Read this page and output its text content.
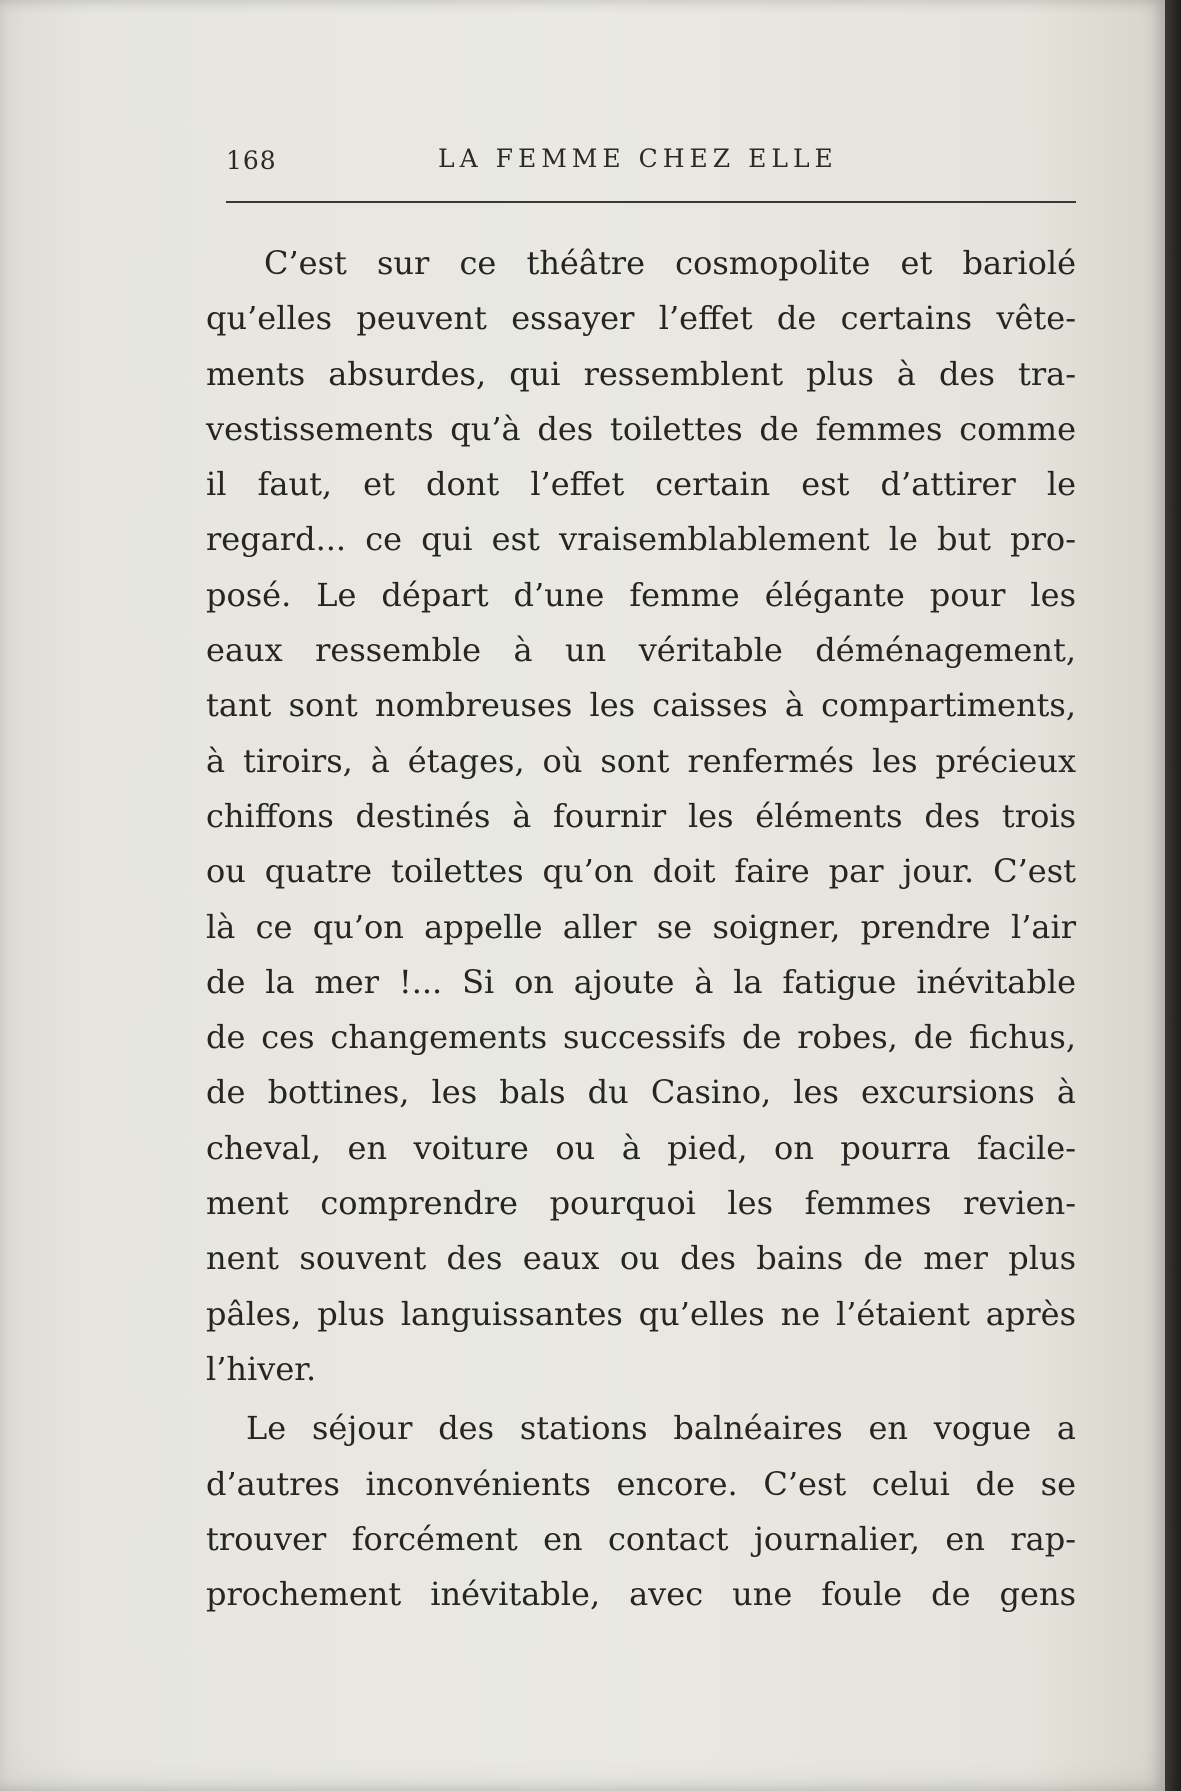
168	LA FEMME CHEZ ELLE
C’est sur ce théâtre cosmopolite et bariolé
qu’elles peuvent essayer l’effet de certains vête-
ments absurdes, qui ressemblent plus à des tra-
vestissements qu’à des toilettes de femmes comme
il faut, et dont l’effet certain est d’attirer le
regard... ce qui est vraisemblablement le but pro-
posé. Le départ d’une femme élégante pour les
eaux ressemble à un véritable déménagement,
tant sont nombreuses les caisses à compartiments,
à tiroirs, à étages, où sont renfermés les précieux
chiffons destinés à fournir les éléments des trois
ou quatre toilettes qu’on doit faire par jour. C’est
là ce qu’on appelle aller se soigner, prendre l’air
de la mer !... Si on ajoute à la fatigue inévitable
de ces changements successifs de robes, de fichus,
de bottines, les bals du Casino, les excursions à
cheval, en voiture ou à pied, on pourra facile-
ment comprendre pourquoi les femmes revien-
nent souvent des eaux ou des bains de mer plus
pâles, plus languissantes qu’elles ne l’étaient après
l’hiver.
Le séjour des stations balnéaires en vogue a
d’autres inconvénients encore. C’est celui de se
trouver forcément en contact journalier, en rap-
prochement inévitable, avec une foule de gens
